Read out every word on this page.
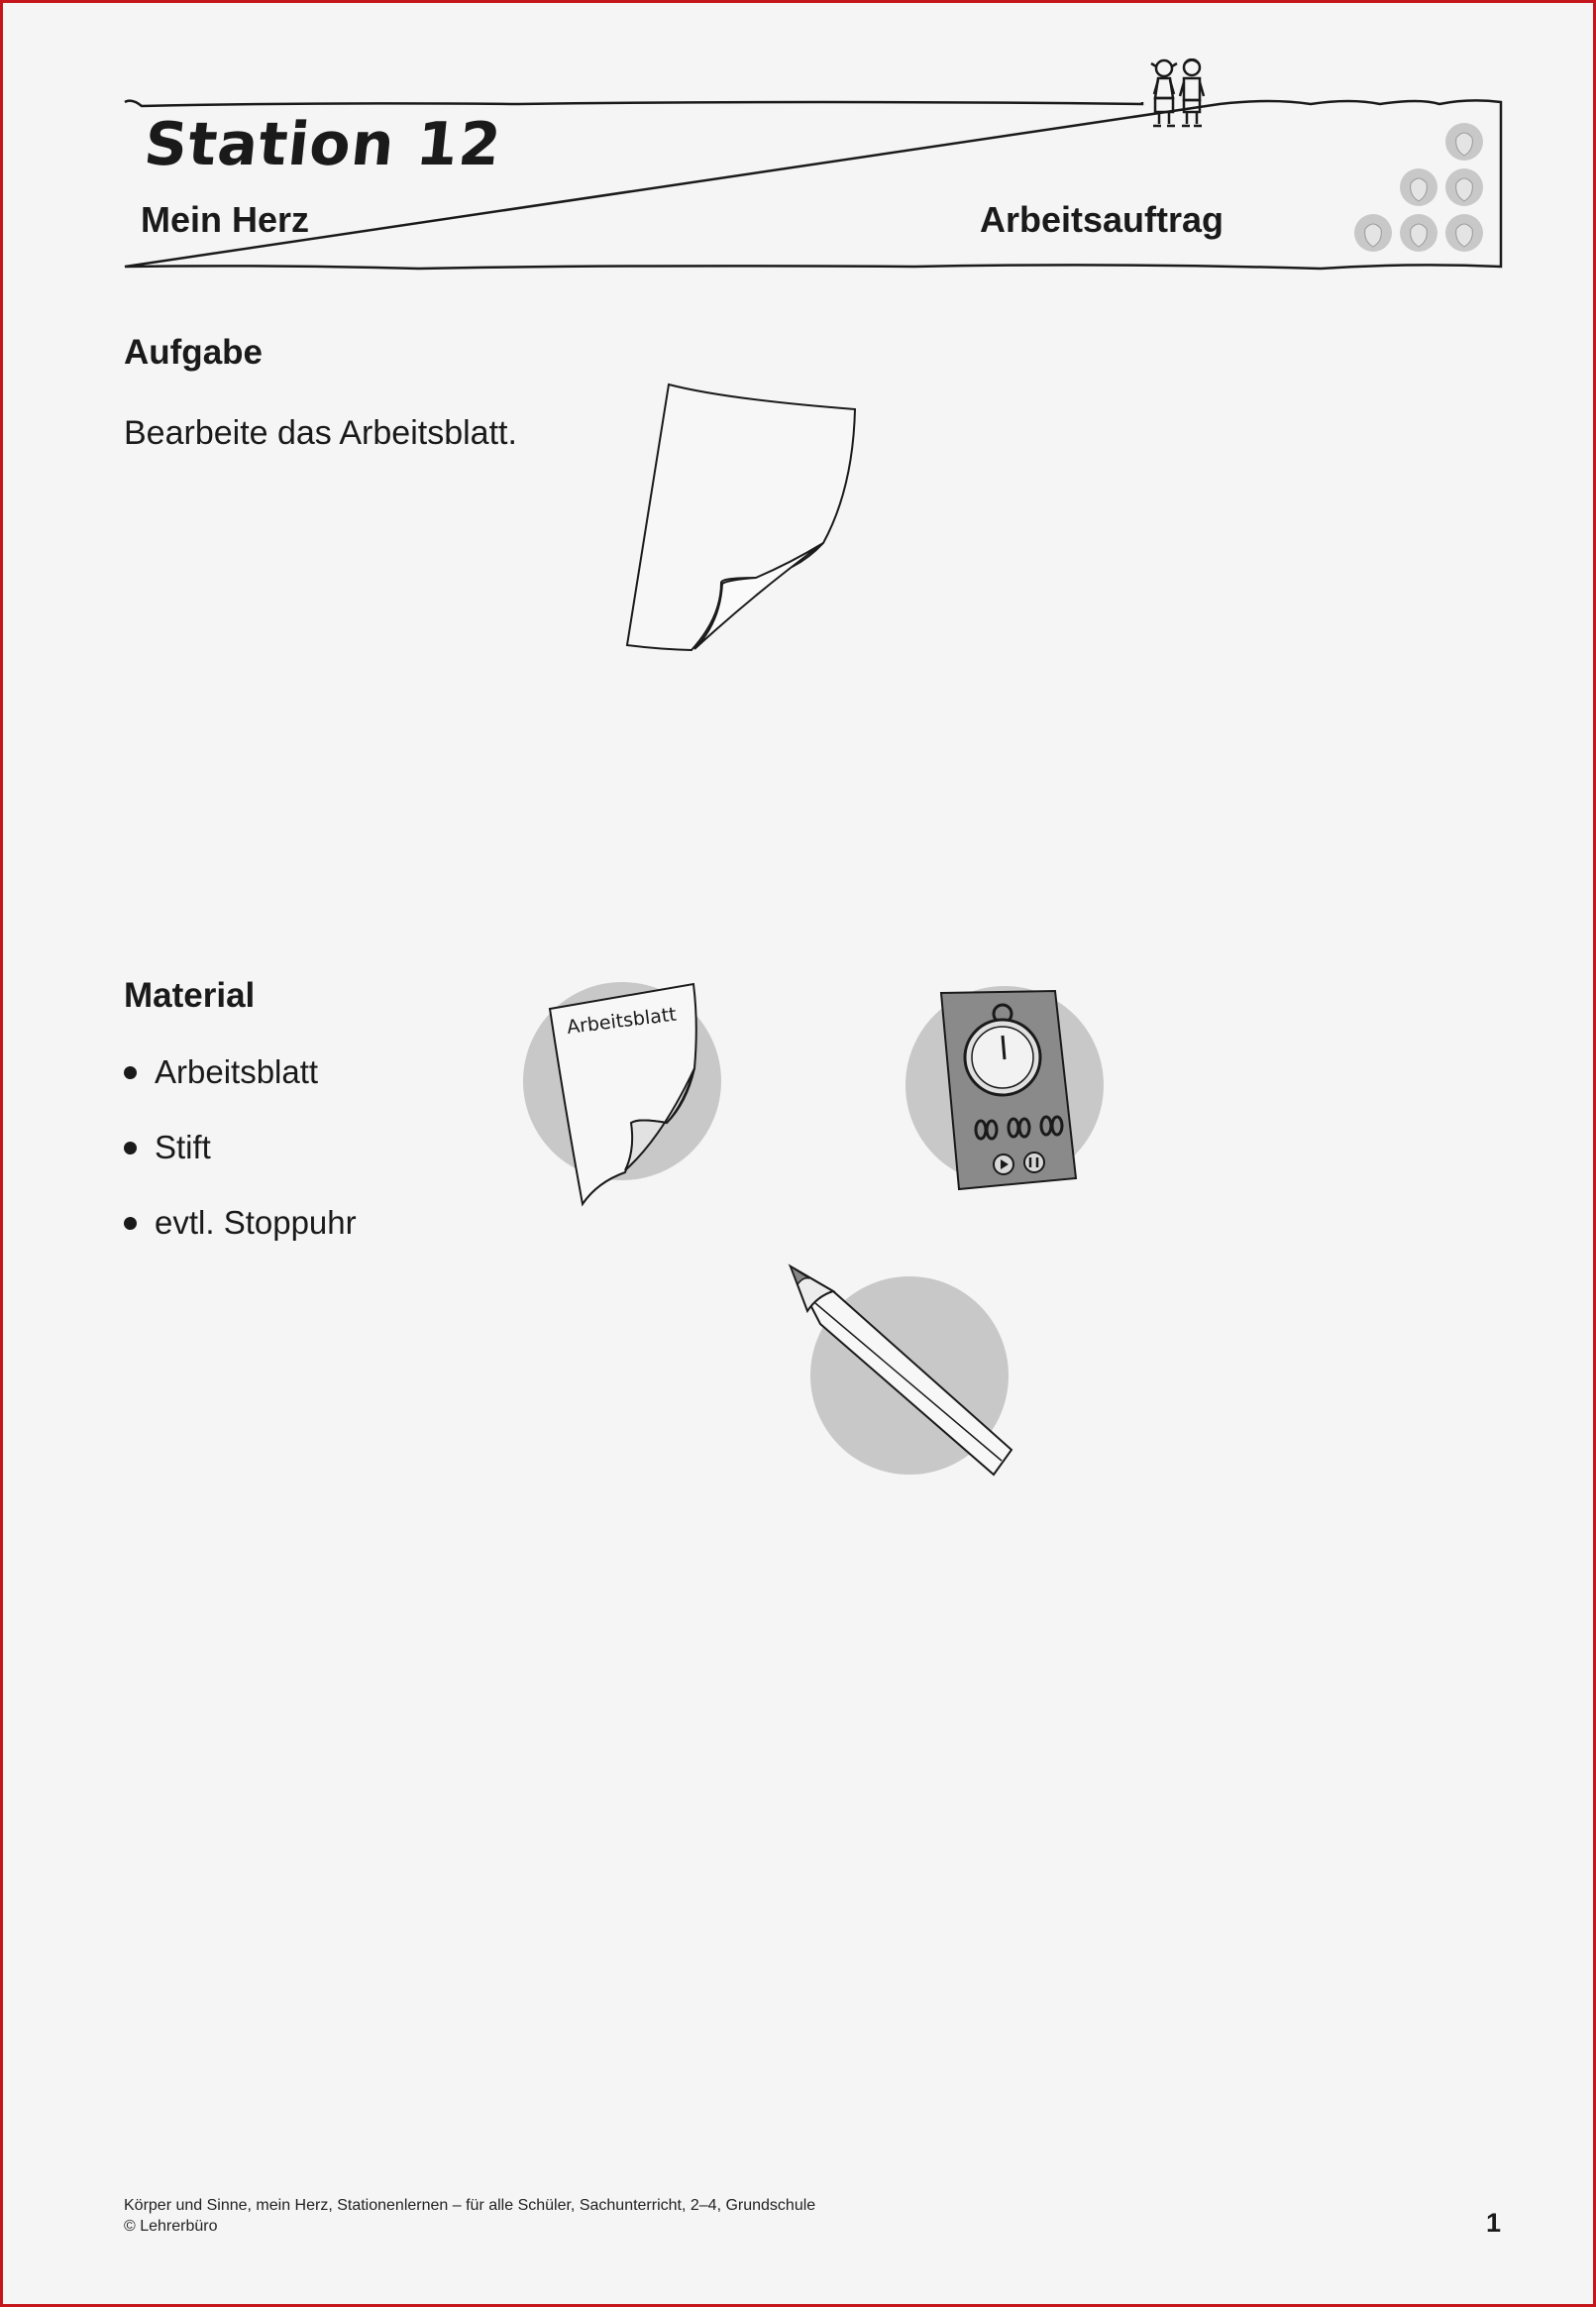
Station 12
Mein Herz	Arbeitsauftrag
Aufgabe
Bearbeite das Arbeitsblatt.
Material
Arbeitsblatt
Stift
evtl. Stoppuhr
Arbeitsblatt
Körper und Sinne, mein Herz, Stationenlernen – für alle Schüler, Sachunterricht, 2–4, Grundschule
© Lehrerbüro	1
